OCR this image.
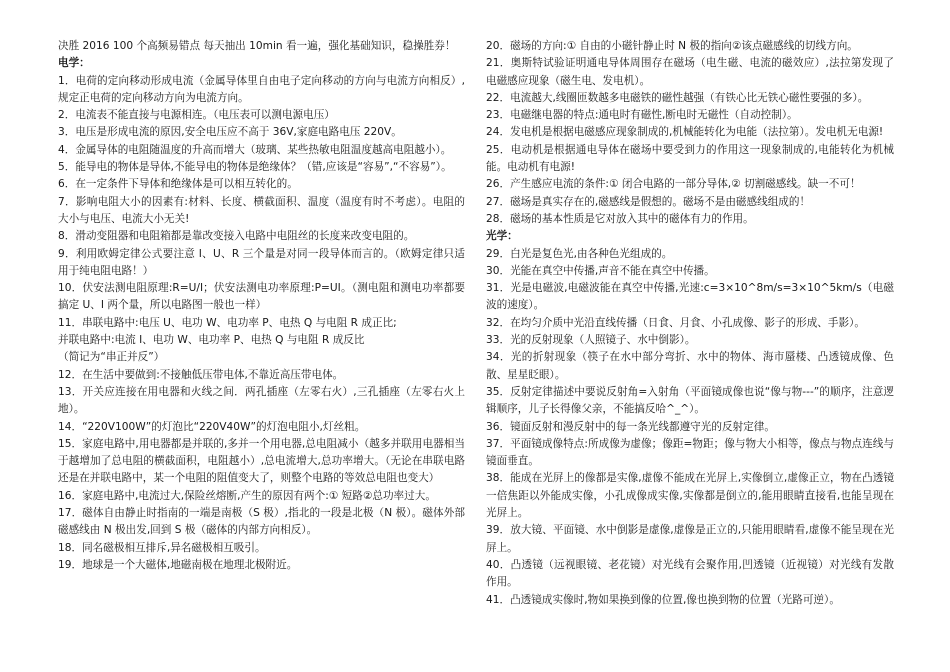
决胜 2016 100 个高频易错点 每天抽出 10min 看一遍，强化基础知识，稳操胜券！

电学：

1．电荷的定向移动形成电流（金属导体里自由电子定向移动的方向与电流方向相反）,规定正电荷的定向移动方向为电流方向。

2．电流表不能直接与电源相连。（电压表可以测电源电压）

3．电压是形成电流的原因,安全电压应不高于 36V,家庭电路电压 220V。

4．金属导体的电阻随温度的升高而增大（玻璃、某些热敏电阻温度越高电阻越小）。

5．能导电的物体是导体,不能导电的物体是绝缘体？（错,应该是“容易”,“不容易”）。

6．在一定条件下导体和绝缘体是可以相互转化的。

7．影响电阻大小的因素有:材料、长度、横截面积、温度（温度有时不考虑）。电阻的大小与电压、电流大小无关!

8．滑动变阻器和电阻箱都是靠改变接入电路中电阻丝的长度来改变电阻的。

9．利用欧姆定律公式要注意 I、U、R 三个量是对同一段导体而言的。（欧姆定律只适用于纯电阻电路！）

10．伏安法测电阻原理:R=U/I；伏安法测电功率原理:P=UI。（测电阻和测电功率都要搞定 U、I 两个量，所以电路图一般也一样）

11．串联电路中:电压 U、电功 W、电功率 P、电热 Q 与电阻 R 成正比;

并联电路中:电流 I、电功 W、电功率 P、电热 Q 与电阻 R 成反比

（简记为“串正并反”）

12．在生活中要做到:不接触低压带电体,不靠近高压带电体。

13．开关应连接在用电器和火线之间．两孔插座（左零右火）,三孔插座（左零右火上地）。

14．“220V100W”的灯泡比“220V40W”的灯泡电阻小,灯丝粗。

15．家庭电路中,用电器都是并联的,多并一个用电器,总电阻减小（越多并联用电器相当于越增加了总电阻的横截面积，电阻越小）,总电流增大,总功率增大。（无论在串联电路还是在并联电路中，某一个电阻的阻值变大了，则整个电路的等效总电阻也变大）

16．家庭电路中,电流过大,保险丝熔断,产生的原因有两个:① 短路②总功率过大。

17．磁体自由静止时指南的一端是南极（S 极）,指北的一段是北极（N 极）。磁体外部磁感线由 N 极出发,回到 S 极（磁体的内部方向相反）。

18．同名磁极相互排斥,异名磁极相互吸引。

19．地球是一个大磁体,地磁南极在地理北极附近。

20．磁场的方向:① 自由的小磁针静止时 N 极的指向②该点磁感线的切线方向。

21．奥斯特试验证明通电导体周围存在磁场（电生磁、电流的磁效应）,法拉第发现了电磁感应现象（磁生电、发电机）。

22．电流越大,线圈匝数越多电磁铁的磁性越强（有铁心比无铁心磁性要强的多）。

23．电磁继电器的特点:通电时有磁性,断电时无磁性（自动控制）。

24．发电机是根据电磁感应现象制成的,机械能转化为电能（法拉第）。发电机无电源!

25．电动机是根据通电导体在磁场中要受到力的作用这一现象制成的,电能转化为机械能。电动机有电源!

26．产生感应电流的条件:① 闭合电路的一部分导体,② 切割磁感线。缺一不可！

27．磁场是真实存在的,磁感线是假想的。磁场不是由磁感线组成的！

28．磁场的基本性质是它对放入其中的磁体有力的作用。

光学：

29．白光是复色光,由各种色光组成的。

30．光能在真空中传播,声音不能在真空中传播。

31．光是电磁波,电磁波能在真空中传播,光速:c=3×10^8m/s=3×10^5km/s（电磁波的速度）。

32．在均匀介质中光沿直线传播（日食、月食、小孔成像、影子的形成、手影）。

33．光的反射现象（人照镜子、水中倒影）。

34．光的折射现象（筷子在水中部分弯折、水中的物体、海市蜃楼、凸透镜成像、色散、星星眨眼）。

35．反射定律描述中要说反射角=入射角（平面镜成像也说“像与物---”的顺序，注意逻辑顺序，儿子长得像父亲，不能搞反哈^_^）。

36．镜面反射和漫反射中的每一条光线都遵守光的反射定律。

37．平面镜成像特点:所成像为虚像；像距=物距；像与物大小相等，像点与物点连线与镜面垂直。

38．能成在光屏上的像都是实像,虚像不能成在光屏上,实像倒立,虚像正立，物在凸透镜一倍焦距以外能成实像，小孔成像成实像,实像都是倒立的,能用眼睛直接看,也能呈现在光屏上。

39．放大镜、平面镜、水中倒影是虚像,虚像是正立的,只能用眼睛看,虚像不能呈现在光屏上。

40．凸透镜（远视眼镜、老花镜）对光线有会聚作用,凹透镜（近视镜）对光线有发散作用。

41．凸透镜成实像时,物如果换到像的位置,像也换到物的位置（光路可逆）。
